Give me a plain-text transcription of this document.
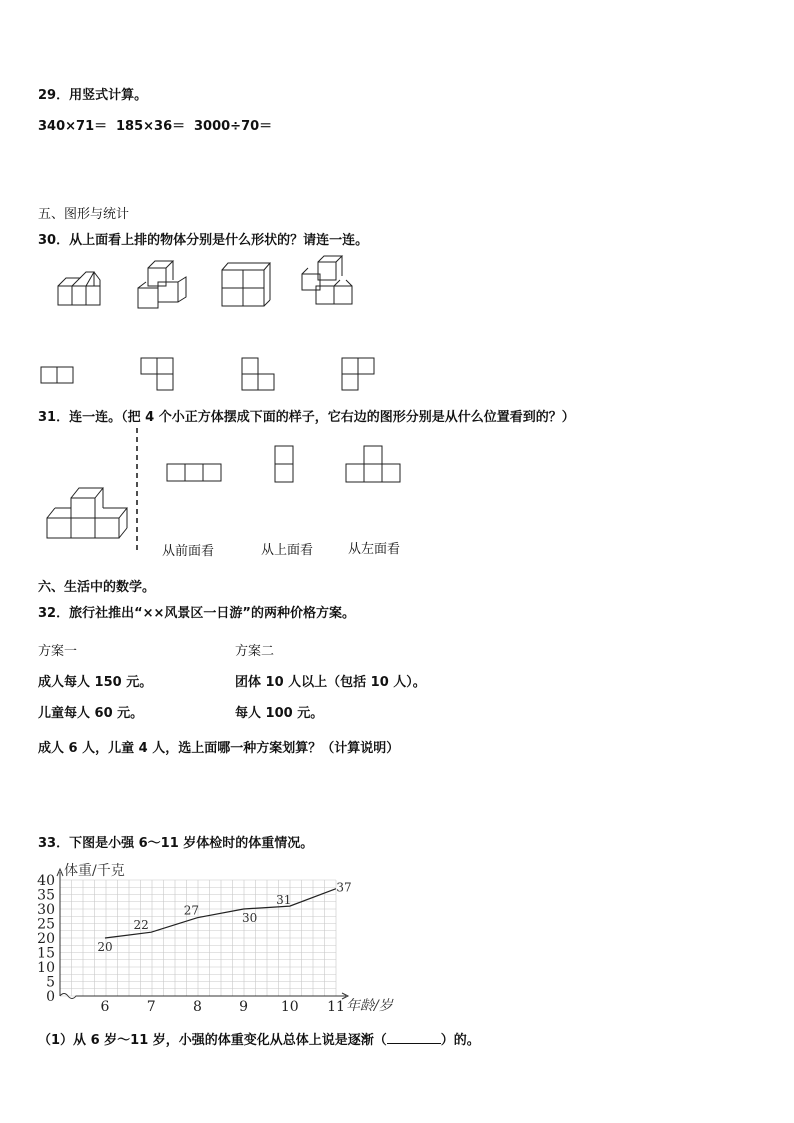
29．用竖式计算。
340×71＝ 185×36＝ 3000÷70＝
五、图形与统计
30．从上面看上排的物体分别是什么形状的？请连一连。
31．连一连。（把 4 个小正方体摆成下面的样子，它右边的图形分别是从什么位置看到的？）
从前面看	从上面看	从左面看
六、生活中的数学。
32．旅行社推出“××风景区一日游”的两种价格方案。
方案一	方案二
成人每人 150 元。	团体 10 人以上（包括 10 人）。
儿童每人 60 元。	每人 100 元。
成人 6 人，儿童 4 人，选上面哪一种方案划算？（计算说明）
33．下图是小强 6～11 岁体检时的体重情况。
0
5
10
15
20
25
30
35
40
6	7	8	9 10 11
体重/千克
年龄/岁
20
22
27
30
31
37
（1）从 6 岁～11 岁，小强的体重变化从总体上说是逐渐（	）的。
